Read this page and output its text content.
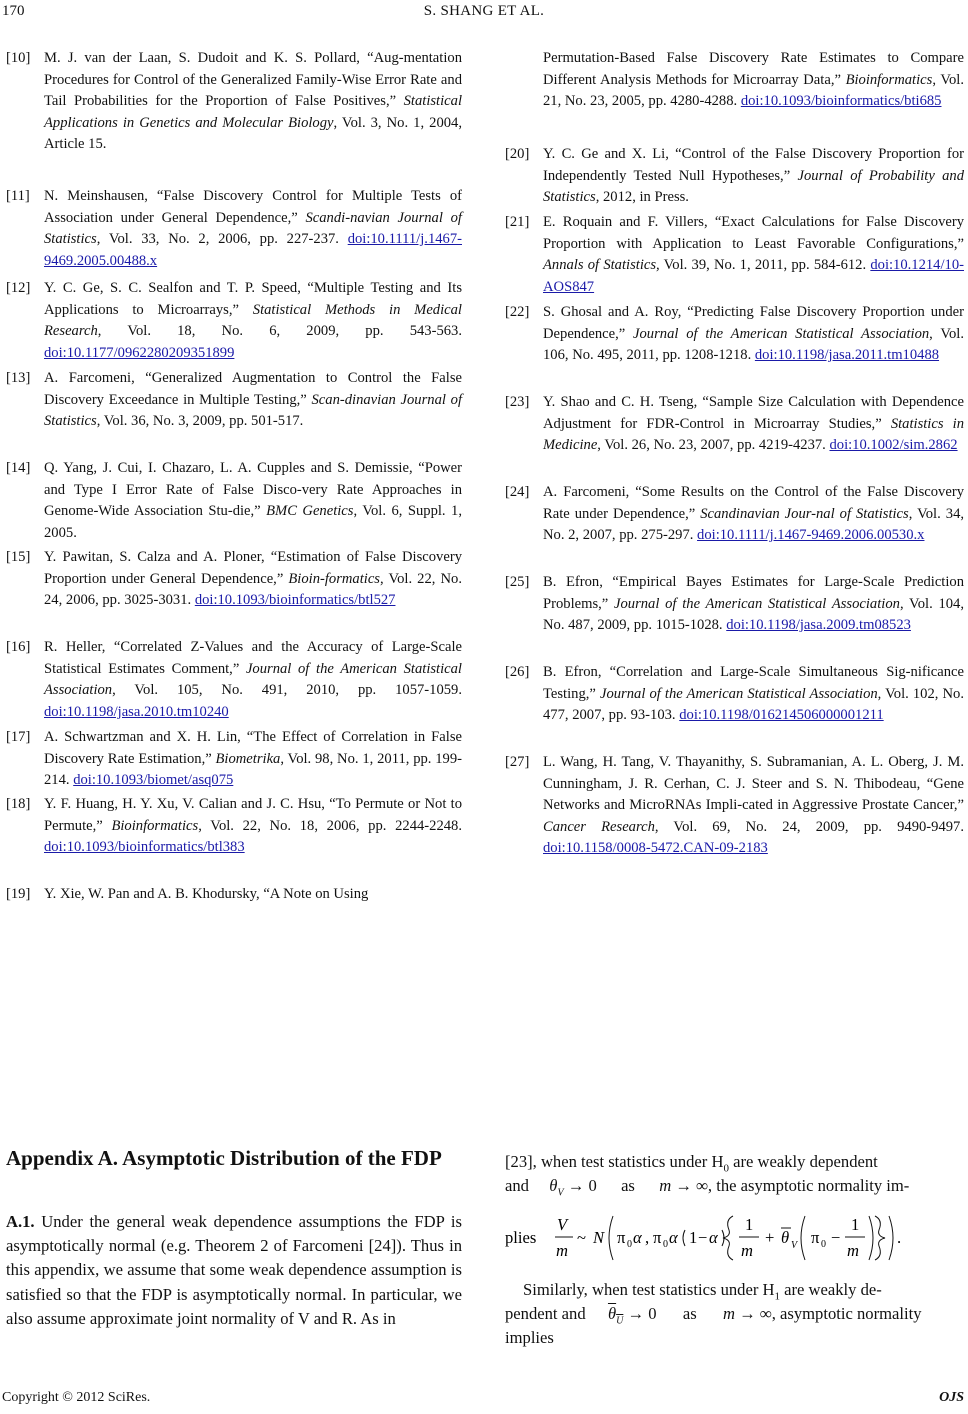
170	S. SHANG ET AL.
[10] M. J. van der Laan, S. Dudoit and K. S. Pollard, “Aug-mentation Procedures for Control of the Generalized Family-Wise Error Rate and Tail Probabilities for the Proportion of False Positives,” Statistical Applications in Genetics and Molecular Biology, Vol. 3, No. 1, 2004, Article 15.
[11] N. Meinshausen, “False Discovery Control for Multiple Tests of Association under General Dependence,” Scandi-navian Journal of Statistics, Vol. 33, No. 2, 2006, pp. 227-237. doi:10.1111/j.1467-9469.2005.00488.x
[12] Y. C. Ge, S. C. Sealfon and T. P. Speed, “Multiple Testing and Its Applications to Microarrays,” Statistical Methods in Medical Research, Vol. 18, No. 6, 2009, pp. 543-563. doi:10.1177/0962280209351899
[13] A. Farcomeni, “Generalized Augmentation to Control the False Discovery Exceedance in Multiple Testing,” Scan-dinavian Journal of Statistics, Vol. 36, No. 3, 2009, pp. 501-517.
[14] Q. Yang, J. Cui, I. Chazaro, L. A. Cupples and S. Demissie, “Power and Type I Error Rate of False Disco-very Rate Approaches in Genome-Wide Association Stu-die,” BMC Genetics, Vol. 6, Suppl. 1, 2005.
[15] Y. Pawitan, S. Calza and A. Ploner, “Estimation of False Discovery Proportion under General Dependence,” Bioin-formatics, Vol. 22, No. 24, 2006, pp. 3025-3031. doi:10.1093/bioinformatics/btl527
[16] R. Heller, “Correlated Z-Values and the Accuracy of Large-Scale Statistical Estimates Comment,” Journal of the American Statistical Association, Vol. 105, No. 491, 2010, pp. 1057-1059. doi:10.1198/jasa.2010.tm10240
[17] A. Schwartzman and X. H. Lin, “The Effect of Correlation in False Discovery Rate Estimation,” Biometrika, Vol. 98, No. 1, 2011, pp. 199-214. doi:10.1093/biomet/asq075
[18] Y. F. Huang, H. Y. Xu, V. Calian and J. C. Hsu, “To Permute or Not to Permute,” Bioinformatics, Vol. 22, No. 18, 2006, pp. 2244-2248. doi:10.1093/bioinformatics/btl383
[19] Y. Xie, W. Pan and A. B. Khodursky, “A Note on Using
Permutation-Based False Discovery Rate Estimates to Compare Different Analysis Methods for Microarray Data,” Bioinformatics, Vol. 21, No. 23, 2005, pp. 4280-4288. doi:10.1093/bioinformatics/bti685
[20] Y. C. Ge and X. Li, “Control of the False Discovery Proportion for Independently Tested Null Hypotheses,” Journal of Probability and Statistics, 2012, in Press.
[21] E. Roquain and F. Villers, “Exact Calculations for False Discovery Proportion with Application to Least Favorable Configurations,” Annals of Statistics, Vol. 39, No. 1, 2011, pp. 584-612. doi:10.1214/10-AOS847
[22] S. Ghosal and A. Roy, “Predicting False Discovery Proportion under Dependence,” Journal of the American Statistical Association, Vol. 106, No. 495, 2011, pp. 1208-1218. doi:10.1198/jasa.2011.tm10488
[23] Y. Shao and C. H. Tseng, “Sample Size Calculation with Dependence Adjustment for FDR-Control in Microarray Studies,” Statistics in Medicine, Vol. 26, No. 23, 2007, pp. 4219-4237. doi:10.1002/sim.2862
[24] A. Farcomeni, “Some Results on the Control of the False Discovery Rate under Dependence,” Scandinavian Jour-nal of Statistics, Vol. 34, No. 2, 2007, pp. 275-297. doi:10.1111/j.1467-9469.2006.00530.x
[25] B. Efron, “Empirical Bayes Estimates for Large-Scale Prediction Problems,” Journal of the American Statistical Association, Vol. 104, No. 487, 2009, pp. 1015-1028. doi:10.1198/jasa.2009.tm08523
[26] B. Efron, “Correlation and Large-Scale Simultaneous Sig-nificance Testing,” Journal of the American Statistical Association, Vol. 102, No. 477, 2007, pp. 93-103. doi:10.1198/016214506000001211
[27] L. Wang, H. Tang, V. Thayanithy, S. Subramanian, A. L. Oberg, J. M. Cunningham, J. R. Cerhan, C. J. Steer and S. N. Thibodeau, “Gene Networks and MicroRNAs Impli-cated in Aggressive Prostate Cancer,” Cancer Research, Vol. 69, No. 24, 2009, pp. 9490-9497. doi:10.1158/0008-5472.CAN-09-2183
Appendix A. Asymptotic Distribution of the FDP
A.1. Under the general weak dependence assumptions the FDP is asymptotically normal (e.g. Theorem 2 of Farcomeni [24]). Thus in this appendix, we assume that some weak dependence assumption is satisfied so that the FDP is asymptotically normal. In particular, we also assume approximate joint normality of V and R. As in
[23], when test statistics under $H_0$ are weakly dependent
and $\theta_V \to 0$ as m → ∞, the asymptotic normality im-
plies
V
m
~ N π 0 α , π 0 α 1 − α
1
m
+ θ V π 0 −
1
m
.
Similarly, when test statistics under $H_1$ are weakly de-
pendent and $\theta_U \to 0$ as m → ∞, asymptotic normality
implies
Copyright © 2012 SciRes.	OJS
